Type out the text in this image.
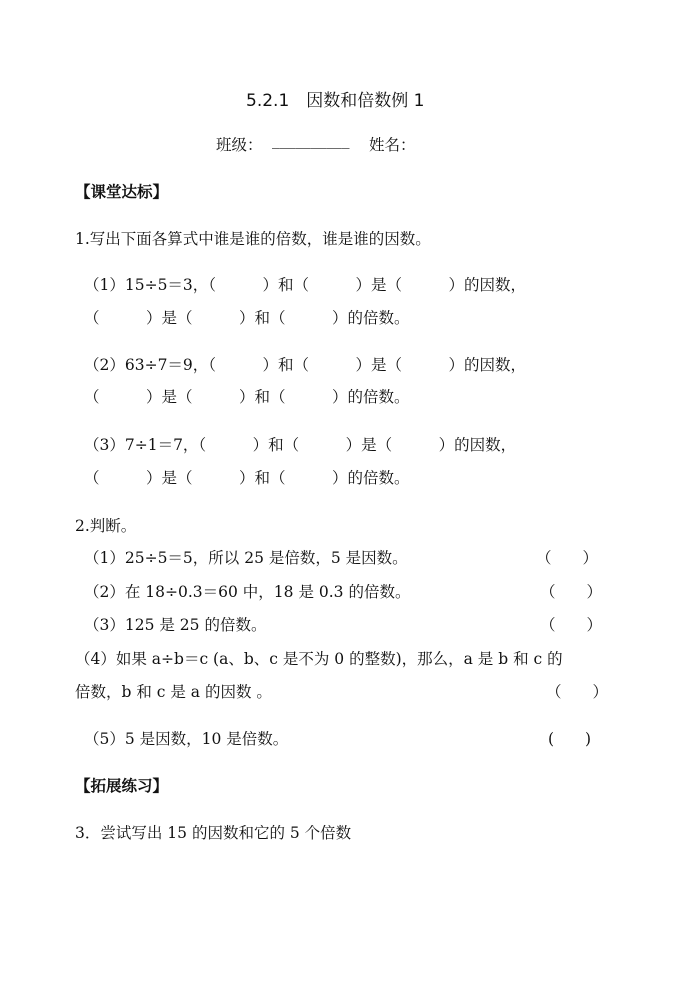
5.2.1　因数和倍数例 1
班级： __________ 姓名：
【课堂达标】
1.写出下面各算式中谁是谁的倍数，谁是谁的因数。
（1）15÷5＝3，（　　　）和（　　　）是（　　　）的因数，
（　　　）是（　　　）和（　　　）的倍数。
（2）63÷7＝9，（　　　）和（　　　）是（　　　）的因数，
（　　　）是（　　　）和（　　　）的倍数。
（3）7÷1＝7，（　　　）和（　　　）是（　　　）的因数，
（　　　）是（　　　）和（　　　）的倍数。
2.判断。
（1）25÷5＝5，所以 25 是倍数，5 是因数。	（　　）
（2）在 18÷0.3＝60 中，18 是 0.3 的倍数。	（　　）
（3）125 是 25 的倍数。	（　　）
（4）如果 a÷b＝c (a、b、c 是不为 0 的整数)，那么，a 是 b 和 c 的
倍数，b 和 c 是 a 的因数 。	（　　）
（5）5 是因数，10 是倍数。	(　　)
【拓展练习】
3．尝试写出 15 的因数和它的 5 个倍数
